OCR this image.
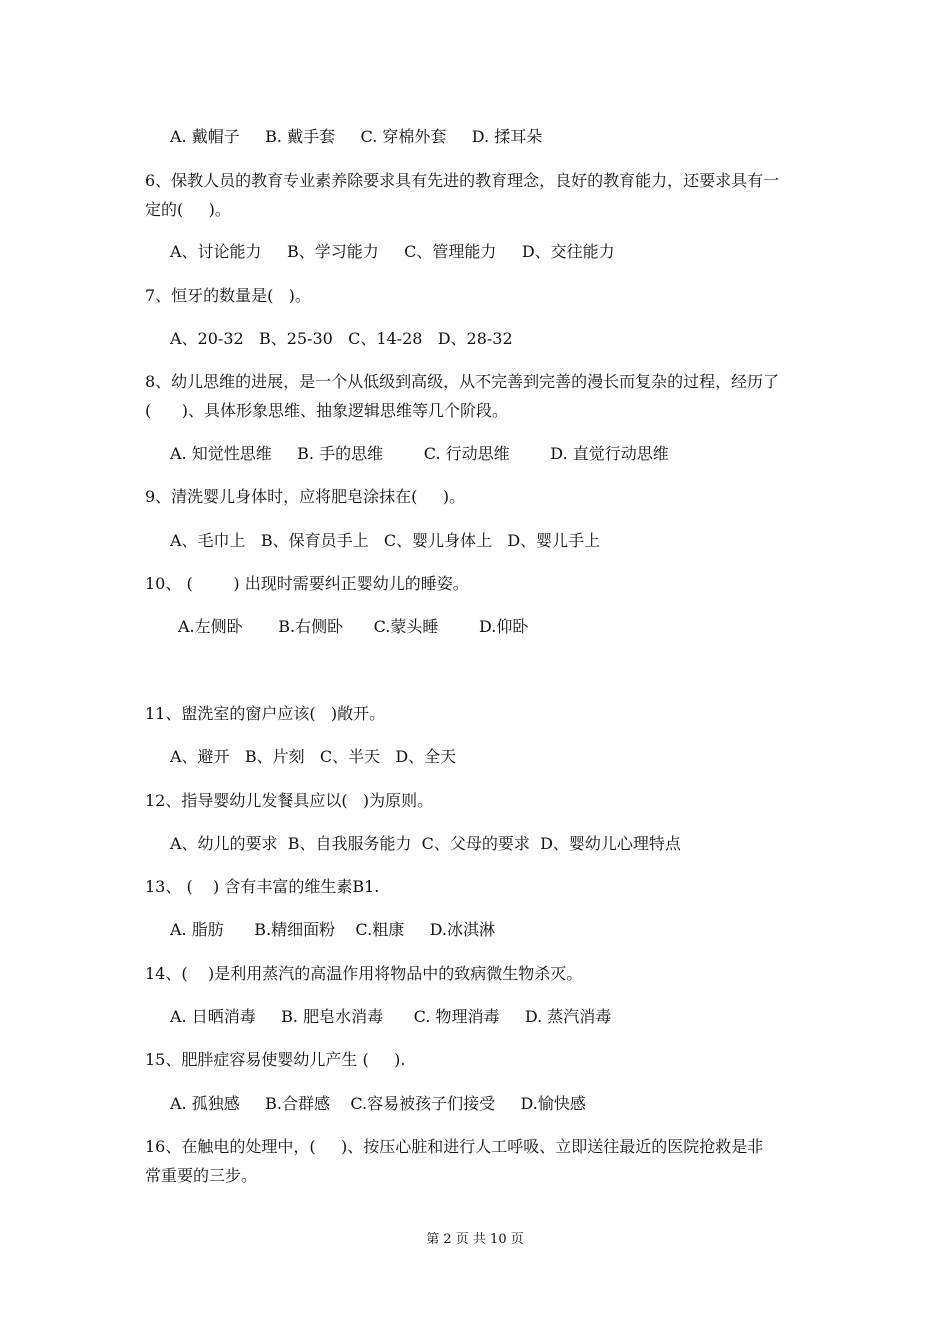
A. 戴帽子     B. 戴手套     C. 穿棉外套     D. 揉耳朵
6、保教人员的教育专业素养除要求具有先进的教育理念，良好的教育能力，还要求具有一
定的(     )。
A、讨论能力     B、学习能力     C、管理能力     D、交往能力
7、恒牙的数量是(   )。
A、20-32   B、25-30   C、14-28   D、28-32
8、幼儿思维的进展，是一个从低级到高级，从不完善到完善的漫长而复杂的过程，经历了
(      )、具体形象思维、抽象逻辑思维等几个阶段。
A. 知觉性思维     B. 手的思维        C. 行动思维        D. 直觉行动思维
9、清洗婴儿身体时，应将肥皂涂抹在(     )。
A、毛巾上   B、保育员手上   C、婴儿身体上   D、婴儿手上
10、 (        ) 出现时需要纠正婴幼儿的睡姿。
A.左侧卧       B.右侧卧      C.蒙头睡        D.仰卧
11、盥洗室的窗户应该(   )敞开。
A、避开   B、片刻   C、半天   D、全天
12、指导婴幼儿发餐具应以(   )为原则。
A、幼儿的要求  B、自我服务能力  C、父母的要求  D、婴幼儿心理特点
13、 (    ) 含有丰富的维生素B1.
A. 脂肪      B.精细面粉    C.粗康     D.冰淇淋
14、(    )是利用蒸汽的高温作用将物品中的致病微生物杀灭。
A. 日晒消毒     B. 肥皂水消毒      C. 物理消毒     D. 蒸汽消毒
15、肥胖症容易使婴幼儿产生 (     ).
A. 孤独感     B.合群感    C.容易被孩子们接受     D.愉快感
16、在触电的处理中，(     )、按压心脏和进行人工呼吸、立即送往最近的医院抢救是非
常重要的三步。
第 2 页 共 10 页
